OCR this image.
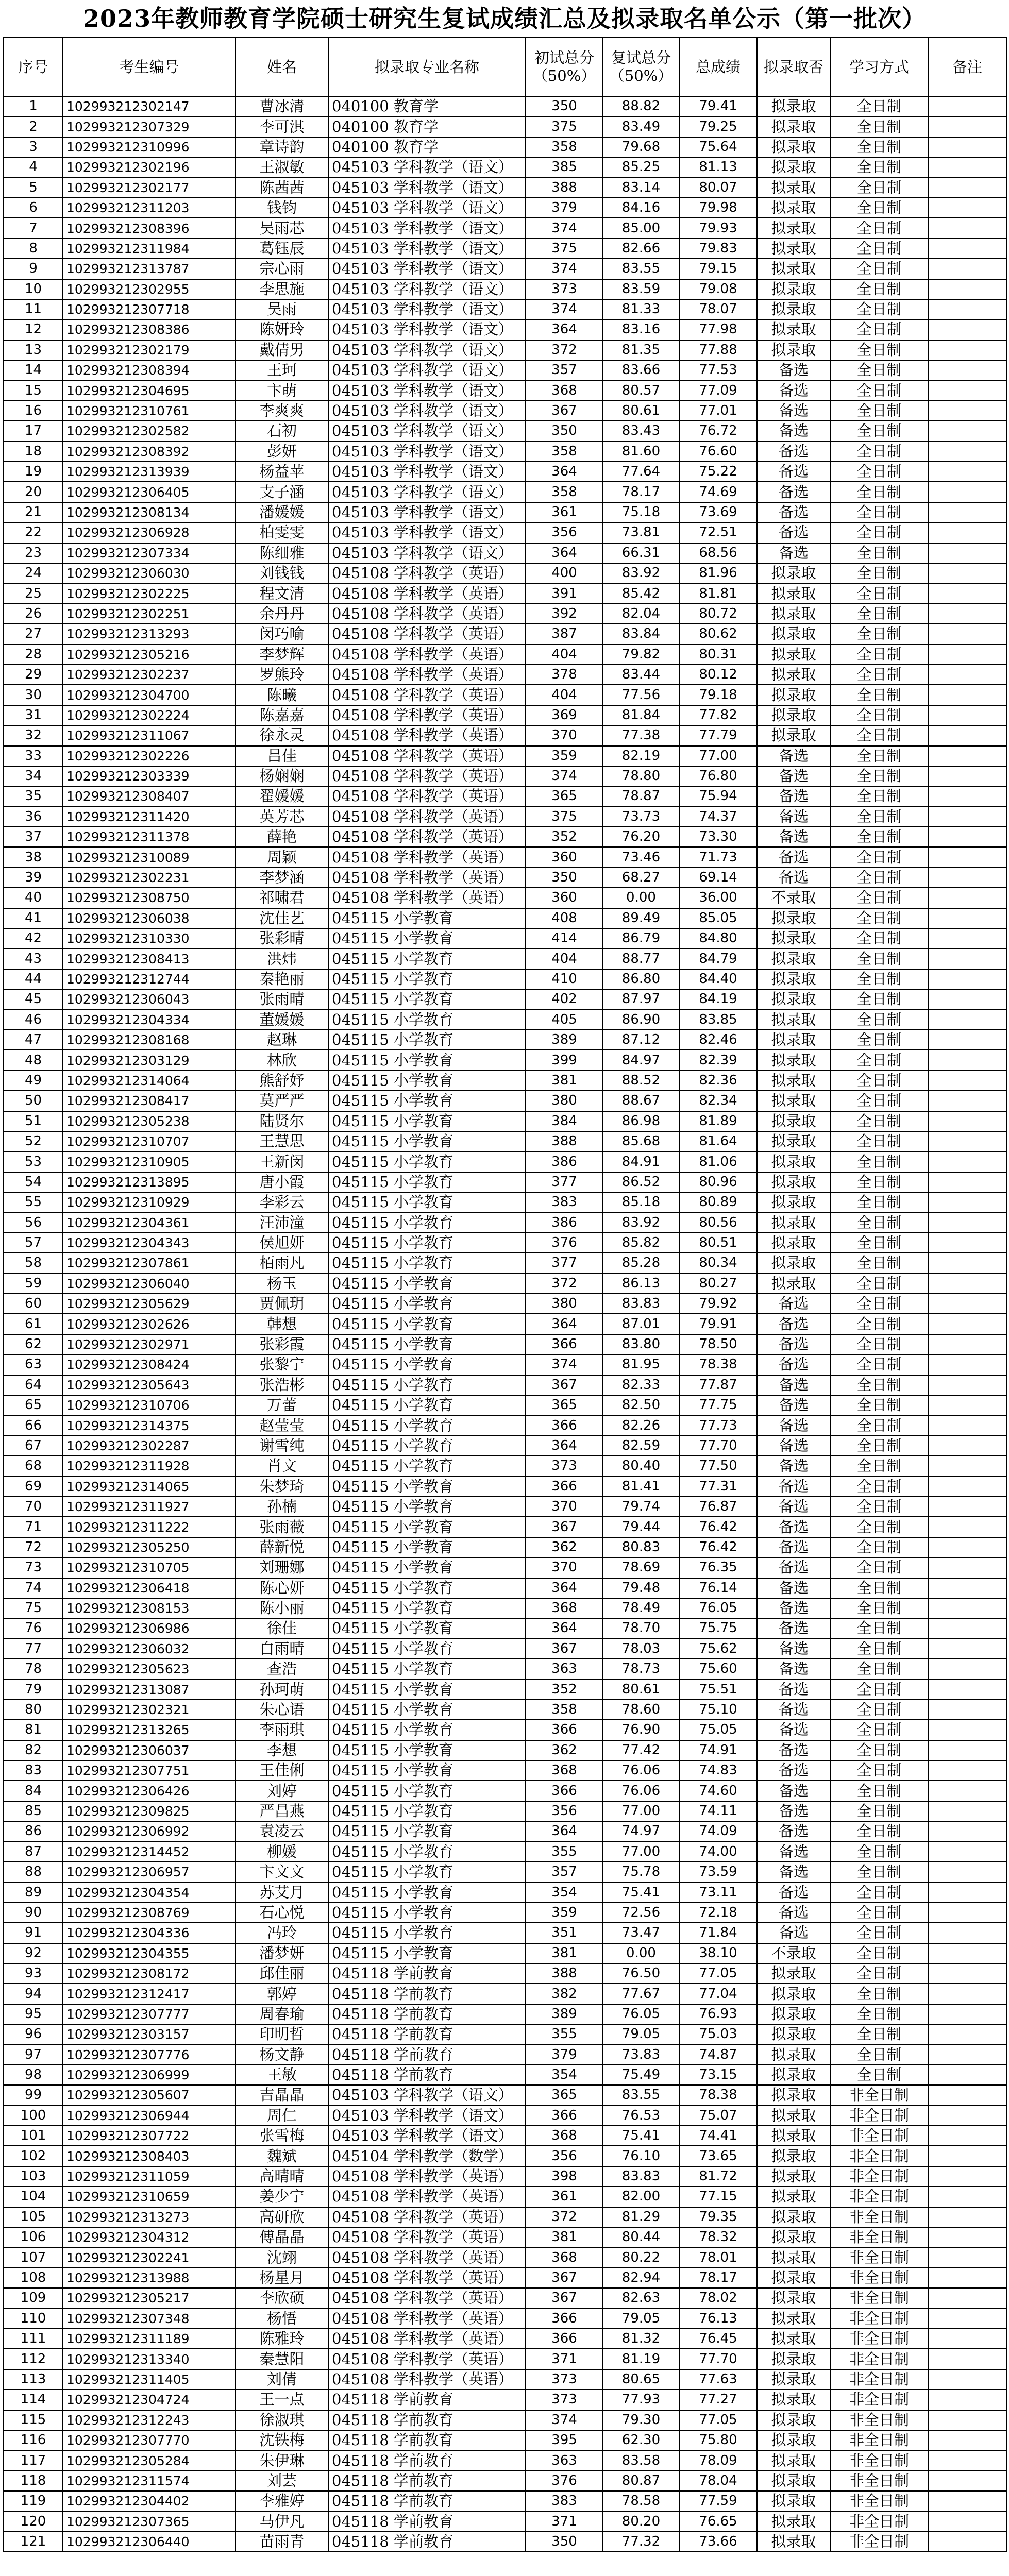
2023年教师教育学院硕士研究生复试成绩汇总及拟录取名单公示（第一批次）
序号	考生编号	姓名	拟录取专业名称	初试总分（50%）	复试总分（50%）	总成绩	拟录取否	学习方式	备注
1	102993212302147	曹冰清	040100 教育学	350	88.82	79.41	拟录取	全日制	
2	102993212307329	李可淇	040100 教育学	375	83.49	79.25	拟录取	全日制	
3	102993212310996	章诗韵	040100 教育学	358	79.68	75.64	拟录取	全日制	
4	102993212302196	王淑敏	045103 学科教学（语文）	385	85.25	81.13	拟录取	全日制	
5	102993212302177	陈茜茜	045103 学科教学（语文）	388	83.14	80.07	拟录取	全日制	
6	102993212311203	钱钧	045103 学科教学（语文）	379	84.16	79.98	拟录取	全日制	
7	102993212308396	吴雨芯	045103 学科教学（语文）	374	85.00	79.93	拟录取	全日制	
8	102993212311984	葛钰辰	045103 学科教学（语文）	375	82.66	79.83	拟录取	全日制	
9	102993212313787	宗心雨	045103 学科教学（语文）	374	83.55	79.15	拟录取	全日制	
10	102993212302955	李思施	045103 学科教学（语文）	373	83.59	79.08	拟录取	全日制	
11	102993212307718	吴雨	045103 学科教学（语文）	374	81.33	78.07	拟录取	全日制	
12	102993212308386	陈妍玲	045103 学科教学（语文）	364	83.16	77.98	拟录取	全日制	
13	102993212302179	戴倩男	045103 学科教学（语文）	372	81.35	77.88	拟录取	全日制	
14	102993212308394	王珂	045103 学科教学（语文）	357	83.66	77.53	备选	全日制	
15	102993212304695	卞萌	045103 学科教学（语文）	368	80.57	77.09	备选	全日制	
16	102993212310761	李爽爽	045103 学科教学（语文）	367	80.61	77.01	备选	全日制	
17	102993212302582	石初	045103 学科教学（语文）	350	83.43	76.72	备选	全日制	
18	102993212308392	彭妍	045103 学科教学（语文）	358	81.60	76.60	备选	全日制	
19	102993212313939	杨益苹	045103 学科教学（语文）	364	77.64	75.22	备选	全日制	
20	102993212306405	支子涵	045103 学科教学（语文）	358	78.17	74.69	备选	全日制	
21	102993212308134	潘媛媛	045103 学科教学（语文）	361	75.18	73.69	备选	全日制	
22	102993212306928	柏雯雯	045103 学科教学（语文）	356	73.81	72.51	备选	全日制	
23	102993212307334	陈细雅	045103 学科教学（语文）	364	66.31	68.56	备选	全日制	
24	102993212306030	刘钱钱	045108 学科教学（英语）	400	83.92	81.96	拟录取	全日制	
25	102993212302225	程文清	045108 学科教学（英语）	391	85.42	81.81	拟录取	全日制	
26	102993212302251	余丹丹	045108 学科教学（英语）	392	82.04	80.72	拟录取	全日制	
27	102993212313293	闵巧喻	045108 学科教学（英语）	387	83.84	80.62	拟录取	全日制	
28	102993212305216	李梦辉	045108 学科教学（英语）	404	79.82	80.31	拟录取	全日制	
29	102993212302237	罗熊玲	045108 学科教学（英语）	378	83.44	80.12	拟录取	全日制	
30	102993212304700	陈曦	045108 学科教学（英语）	404	77.56	79.18	拟录取	全日制	
31	102993212302224	陈嘉嘉	045108 学科教学（英语）	369	81.84	77.82	拟录取	全日制	
32	102993212311067	徐永灵	045108 学科教学（英语）	370	77.38	77.79	拟录取	全日制	
33	102993212302226	吕佳	045108 学科教学（英语）	359	82.19	77.00	备选	全日制	
34	102993212303339	杨娴娴	045108 学科教学（英语）	374	78.80	76.80	备选	全日制	
35	102993212308407	翟媛媛	045108 学科教学（英语）	365	78.87	75.94	备选	全日制	
36	102993212311420	英芳芯	045108 学科教学（英语）	375	73.73	74.37	备选	全日制	
37	102993212311378	薛艳	045108 学科教学（英语）	352	76.20	73.30	备选	全日制	
38	102993212310089	周颖	045108 学科教学（英语）	360	73.46	71.73	备选	全日制	
39	102993212302231	李梦涵	045108 学科教学（英语）	350	68.27	69.14	备选	全日制	
40	102993212308750	祁啸君	045108 学科教学（英语）	360	0.00	36.00	不录取	全日制	
41	102993212306038	沈佳艺	045115 小学教育	408	89.49	85.05	拟录取	全日制	
42	102993212310330	张彩晴	045115 小学教育	414	86.79	84.80	拟录取	全日制	
43	102993212308413	洪炜	045115 小学教育	404	88.77	84.79	拟录取	全日制	
44	102993212312744	秦艳丽	045115 小学教育	410	86.80	84.40	拟录取	全日制	
45	102993212306043	张雨晴	045115 小学教育	402	87.97	84.19	拟录取	全日制	
46	102993212304334	董媛媛	045115 小学教育	405	86.90	83.85	拟录取	全日制	
47	102993212308168	赵琳	045115 小学教育	389	87.12	82.46	拟录取	全日制	
48	102993212303129	林欣	045115 小学教育	399	84.97	82.39	拟录取	全日制	
49	102993212314064	熊舒妤	045115 小学教育	381	88.52	82.36	拟录取	全日制	
50	102993212308417	莫严严	045115 小学教育	380	88.67	82.34	拟录取	全日制	
51	102993212305238	陆贤尔	045115 小学教育	384	86.98	81.89	拟录取	全日制	
52	102993212310707	王慧思	045115 小学教育	388	85.68	81.64	拟录取	全日制	
53	102993212310905	王新闵	045115 小学教育	386	84.91	81.06	拟录取	全日制	
54	102993212313895	唐小霞	045115 小学教育	377	86.52	80.96	拟录取	全日制	
55	102993212310929	李彩云	045115 小学教育	383	85.18	80.89	拟录取	全日制	
56	102993212304361	汪沛潼	045115 小学教育	386	83.92	80.56	拟录取	全日制	
57	102993212304343	侯旭妍	045115 小学教育	376	85.82	80.51	拟录取	全日制	
58	102993212307861	栢雨凡	045115 小学教育	377	85.28	80.34	拟录取	全日制	
59	102993212306040	杨玉	045115 小学教育	372	86.13	80.27	拟录取	全日制	
60	102993212305629	贾佩玥	045115 小学教育	380	83.83	79.92	备选	全日制	
61	102993212302626	韩想	045115 小学教育	364	87.01	79.91	备选	全日制	
62	102993212302971	张彩霞	045115 小学教育	366	83.80	78.50	备选	全日制	
63	102993212308424	张黎宁	045115 小学教育	374	81.95	78.38	备选	全日制	
64	102993212305643	张浩彬	045115 小学教育	367	82.33	77.87	备选	全日制	
65	102993212310706	万蕾	045115 小学教育	365	82.50	77.75	备选	全日制	
66	102993212314375	赵莹莹	045115 小学教育	366	82.26	77.73	备选	全日制	
67	102993212302287	谢雪纯	045115 小学教育	364	82.59	77.70	备选	全日制	
68	102993212311928	肖文	045115 小学教育	373	80.40	77.50	备选	全日制	
69	102993212314065	朱梦琦	045115 小学教育	366	81.41	77.31	备选	全日制	
70	102993212311927	孙楠	045115 小学教育	370	79.74	76.87	备选	全日制	
71	102993212311222	张雨薇	045115 小学教育	367	79.44	76.42	备选	全日制	
72	102993212305250	薛新悦	045115 小学教育	362	80.83	76.42	备选	全日制	
73	102993212310705	刘珊娜	045115 小学教育	370	78.69	76.35	备选	全日制	
74	102993212306418	陈心妍	045115 小学教育	364	79.48	76.14	备选	全日制	
75	102993212308153	陈小丽	045115 小学教育	368	78.49	76.05	备选	全日制	
76	102993212306986	徐佳	045115 小学教育	364	78.70	75.75	备选	全日制	
77	102993212306032	白雨晴	045115 小学教育	367	78.03	75.62	备选	全日制	
78	102993212305623	查浩	045115 小学教育	363	78.73	75.60	备选	全日制	
79	102993212313087	孙珂萌	045115 小学教育	352	80.61	75.51	备选	全日制	
80	102993212302321	朱心语	045115 小学教育	358	78.60	75.10	备选	全日制	
81	102993212313265	李雨琪	045115 小学教育	366	76.90	75.05	备选	全日制	
82	102993212306037	李想	045115 小学教育	362	77.42	74.91	备选	全日制	
83	102993212307751	王佳俐	045115 小学教育	368	76.06	74.83	备选	全日制	
84	102993212306426	刘婷	045115 小学教育	366	76.06	74.60	备选	全日制	
85	102993212309825	严昌燕	045115 小学教育	356	77.00	74.11	备选	全日制	
86	102993212306992	袁凌云	045115 小学教育	364	74.97	74.09	备选	全日制	
87	102993212314452	柳媛	045115 小学教育	355	77.00	74.00	备选	全日制	
88	102993212306957	卞文文	045115 小学教育	357	75.78	73.59	备选	全日制	
89	102993212304354	苏艾月	045115 小学教育	354	75.41	73.11	备选	全日制	
90	102993212308769	石心悦	045115 小学教育	359	72.56	72.18	备选	全日制	
91	102993212304336	冯玲	045115 小学教育	351	73.47	71.84	备选	全日制	
92	102993212304355	潘梦妍	045115 小学教育	381	0.00	38.10	不录取	全日制	
93	102993212308172	邱佳丽	045118 学前教育	388	76.50	77.05	拟录取	全日制	
94	102993212312417	郭婷	045118 学前教育	382	77.67	77.04	拟录取	全日制	
95	102993212307777	周春瑜	045118 学前教育	389	76.05	76.93	拟录取	全日制	
96	102993212303157	印明哲	045118 学前教育	355	79.05	75.03	拟录取	全日制	
97	102993212307776	杨文静	045118 学前教育	379	73.83	74.87	拟录取	全日制	
98	102993212306999	王敏	045118 学前教育	354	75.49	73.15	拟录取	全日制	
99	102993212305607	吉晶晶	045103 学科教学（语文）	365	83.55	78.38	拟录取	非全日制	
100	102993212306944	周仁	045103 学科教学（语文）	366	76.53	75.07	拟录取	非全日制	
101	102993212307722	张雪梅	045103 学科教学（语文）	368	75.41	74.41	拟录取	非全日制	
102	102993212308403	魏斌	045104 学科教学（数学）	356	76.10	73.65	拟录取	非全日制	
103	102993212311059	高晴晴	045108 学科教学（英语）	398	83.83	81.72	拟录取	非全日制	
104	102993212310659	姜少宁	045108 学科教学（英语）	361	82.00	77.15	拟录取	非全日制	
105	102993212313273	高研欣	045108 学科教学（英语）	372	81.29	79.35	拟录取	非全日制	
106	102993212304312	傅晶晶	045108 学科教学（英语）	381	80.44	78.32	拟录取	非全日制	
107	102993212302241	沈翊	045108 学科教学（英语）	368	80.22	78.01	拟录取	非全日制	
108	102993212313988	杨星月	045108 学科教学（英语）	367	82.94	78.17	拟录取	非全日制	
109	102993212305217	李欣硕	045108 学科教学（英语）	367	82.63	78.02	拟录取	非全日制	
110	102993212307348	杨悟	045108 学科教学（英语）	366	79.05	76.13	拟录取	非全日制	
111	102993212311189	陈雅玲	045108 学科教学（英语）	366	81.32	76.45	拟录取	非全日制	
112	102993212313340	秦慧阳	045108 学科教学（英语）	371	81.19	77.70	拟录取	非全日制	
113	102993212311405	刘倩	045108 学科教学（英语）	373	80.65	77.63	拟录取	非全日制	
114	102993212304724	王一点	045118 学前教育	373	77.93	77.27	拟录取	非全日制	
115	102993212312243	徐淑琪	045118 学前教育	374	79.30	77.05	拟录取	非全日制	
116	102993212307770	沈铁梅	045118 学前教育	395	62.30	75.80	拟录取	非全日制	
117	102993212305284	朱伊琳	045118 学前教育	363	83.58	78.09	拟录取	非全日制	
118	102993212311574	刘芸	045118 学前教育	376	80.87	78.04	拟录取	非全日制	
119	102993212304402	李雅婷	045118 学前教育	383	78.58	77.59	拟录取	非全日制	
120	102993212307365	马伊凡	045118 学前教育	371	80.20	76.65	拟录取	非全日制	
121	102993212306440	苗雨青	045118 学前教育	350	77.32	73.66	拟录取	非全日制	
